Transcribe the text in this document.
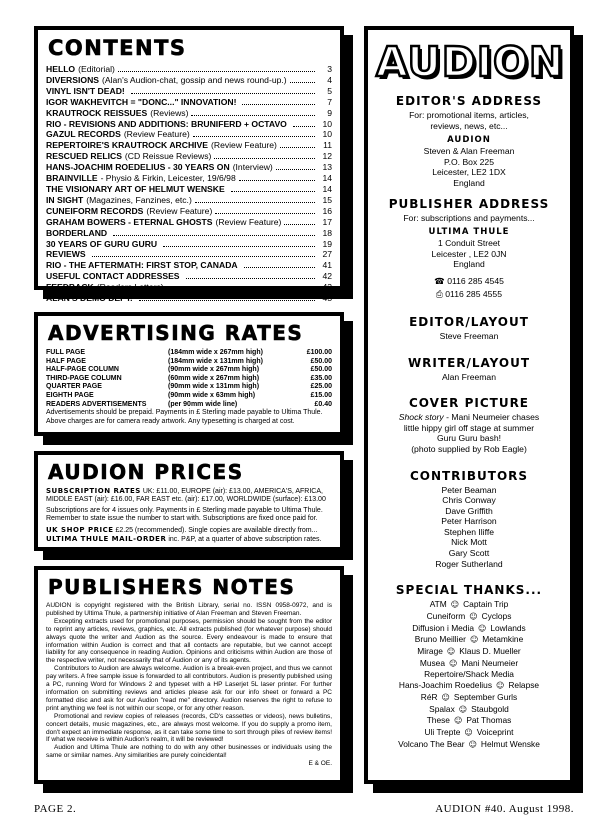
CONTENTS
HELLO (Editorial)	3
DIVERSIONS (Alan's Audion-chat, gossip and news round-up.)	4
VINYL ISN'T DEAD!	5
IGOR WAKHEVITCH = "DONC..." INNOVATION!	7
KRAUTROCK REISSUES (Reviews)	9
RIO - REVISIONS AND ADDITIONS: BRUNIFERD + OCTAVO	10
GAZUL RECORDS (Review Feature)	10
REPERTOIRE'S KRAUTROCK ARCHIVE (Review Feature)	11
RESCUED RELICS (CD Reissue Reviews)	12
HANS-JOACHIM ROEDELIUS - 30 YEARS ON (Interview)	13
BRAINVILLE - Physio & Firkin, Leicester, 19/6/98	14
THE VISIONARY ART OF HELMUT WENSKE	14
IN SIGHT (Magazines, Fanzines, etc.)	15
CUNEIFORM RECORDS (Review Feature)	16
GRAHAM BOWERS - ETERNAL GHOSTS (Review Feature)	17
BORDERLAND	18
30 YEARS OF GURU GURU	19
REVIEWS	27
RIO - THE AFTERMATH: FIRST STOP, CANADA	41
USEFUL CONTACT ADDRESSES	42
FEEDBACK (Readers Letters)	43
ALAN'S DEMO DEPT.	43
ADVERTISING RATES
FULL PAGE	(184mm wide x 267mm high)	£100.00
HALF PAGE	(184mm wide x 131mm high)	£50.00
HALF-PAGE COLUMN	(90mm wide x 267mm high)	£50.00
THIRD-PAGE COLUMN	(60mm wide x 267mm high)	£35.00
QUARTER PAGE	(90mm wide x 131mm high)	£25.00
EIGHTH PAGE	(90mm wide x 63mm high)	£15.00
READERS ADVERTISEMENTS	(per 90mm wide line)	£0.40
Advertisements should be prepaid. Payments in £ Sterling made payable to Ultima Thule. Above charges are for camera ready artwork. Any typesetting is charged at cost.
AUDION PRICES
SUBSCRIPTION RATES UK: £11.00, EUROPE (air): £13.00, AMERICA'S, AFRICA, MIDDLE EAST (air): £16.00, FAR EAST etc. (air): £17.00, WORLDWIDE (surface): £13.00
Subscriptions are for 4 issues only. Payments in £ Sterling made payable to Ultima Thule. Remember to state issue the number to start with. Subscriptions are fixed once paid for.
UK SHOP PRICE £2.25 (recommended). Single copies are available directly from...
ULTIMA THULE MAIL-ORDER inc. P&P, at a quarter of above subscription rates.
PUBLISHERS NOTES

AUDION is copyright registered with the British Library, serial no. ISSN 0958-0972, and is published by Ultima Thule, a partnership initiative of Alan Freeman and Steven Freeman.

Excepting extracts used for promotional purposes, permission should be sought from the editor to reprint any articles, reviews, graphics, etc. All extracts published (for whatever purpose) should always quote the writer and Audion as the source. Every endeavour is made to ensure that information within Audion is correct and that all contacts are reputable, but we cannot accept liability for any consequence in reading Audion. Opinions and criticisms within Audion are those of the respective writer, not necessarily that of Audion or any of its agents.

Contributors to Audion are always welcome. Audion is a break-even project, and thus we cannot pay writers. A free sample issue is forwarded to all contributors. Audion is presently published using a PC, running Word for Windows 2 and typeset with a HP Laserjet 5L laser printer. For further information on submitting reviews and articles please ask for our info sheet or forward a PC formatted disc and ask for our Audion "read me" directory. Audion reserves the right to refuse to print anything we feel is not within our scope, or for any other reason.

Promotional and review copies of releases (records, CD's cassettes or videos), news bulletins, concert details, music magazines, etc., are always most welcome. If you do supply a promo item, don't expect an immediate response, as it can take some time to sort through piles of review items! If what we receive is within Audion's realm, it will be reviewed!

Audion and Ultima Thule are nothing to do with any other businesses or individuals using the same or similar names. Any similarities are purely coincidental!

E & OE.
AUDION
EDITOR'S ADDRESS
For: promotional items, articles,
reviews, news, etc...
AUDION
Steven & Alan Freeman
P.O. Box 225
Leicester, LE2 1DX
England
PUBLISHER ADDRESS
For: subscriptions and payments...
ULTIMA THULE
1 Conduit Street
Leicester , LE2 0JN
England
☎ 0116 285 4545
⎙ 0116 285 4555
EDITOR/LAYOUT
Steve Freeman
WRITER/LAYOUT
Alan Freeman
COVER PICTURE
Shock story - Mani Neumeier chases
little hippy girl off stage at summer
Guru Guru bash!
(photo supplied by Rob Eagle)
CONTRIBUTORS
Peter Beaman
Chris Conway
Dave Griffith
Peter Harrison
Stephen Iliffe
Nick Mott
Gary Scott
Roger Sutherland
SPECIAL THANKS...
ATM ☺ Captain Trip
Cuneiform ☺ Cyclops
Diffusion i Media ☺ Lowlands
Bruno Meillier ☺ Metamkine
Mirage ☺ Klaus D. Mueller
Musea ☺ Mani Neumeier
Repertoire/Shack Media
Hans-Joachim Roedelius ☺ Relapse
RéR ☺ September Gurls
Spalax ☺ Staubgold
These ☺ Pat Thomas
Uli Trepte ☺ Voiceprint
Volcano The Bear ☺ Helmut Wenske
PAGE 2.	AUDION #40. August 1998.
